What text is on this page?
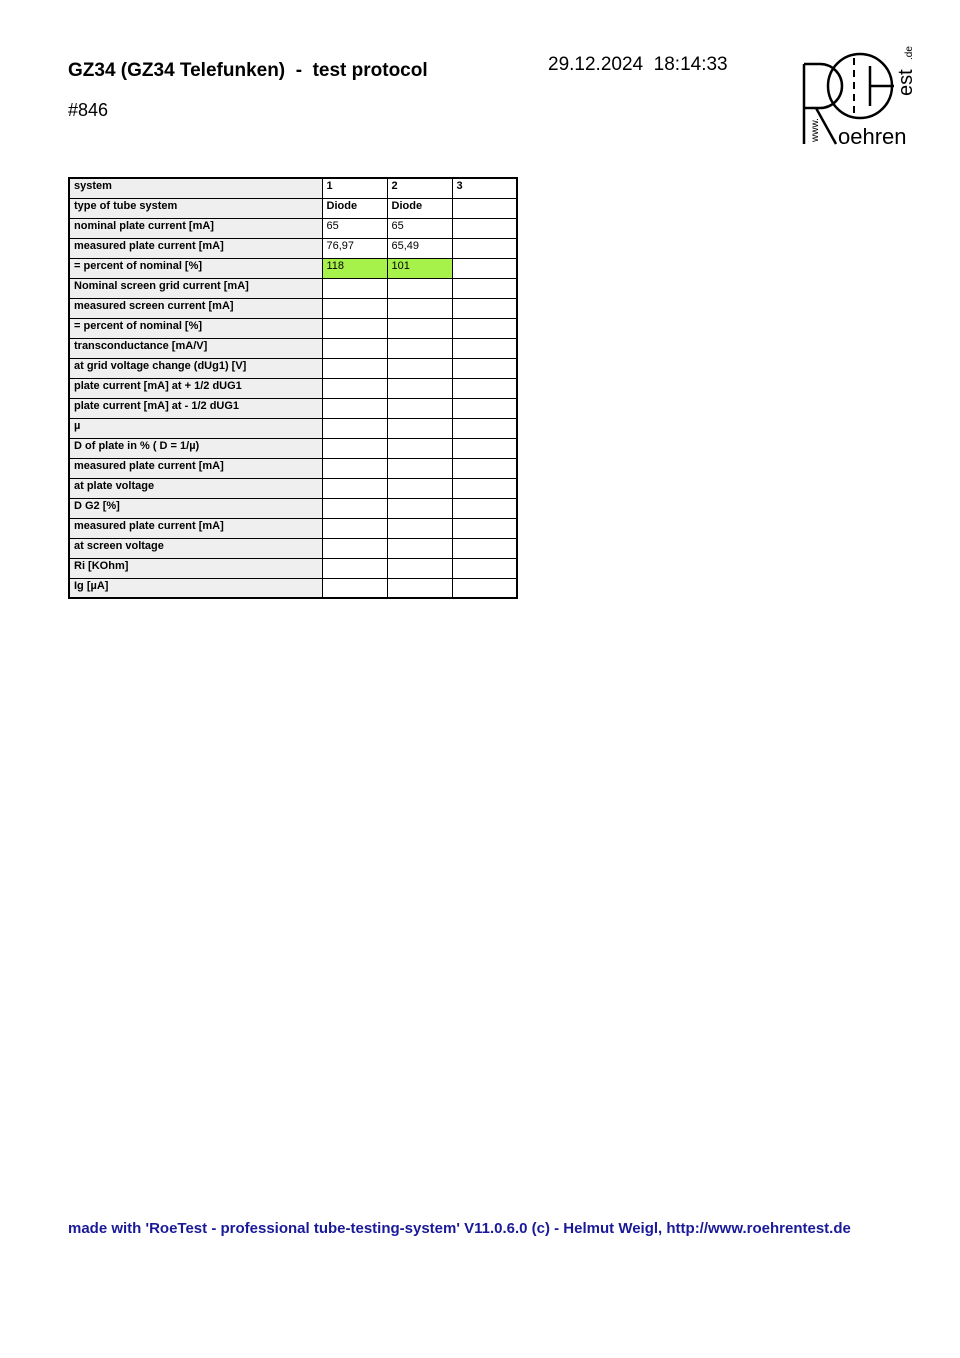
GZ34 (GZ34 Telefunken)  -  test protocol
#846
29.12.2024  18:14:33
www. oehren
est
.de
system	1	2	3
type of tube system	Diode	Diode	
nominal plate current [mA]	65	65	
measured plate current [mA]	76,97	65,49	
= percent of nominal [%]	118	101	
Nominal screen grid current [mA]			
measured screen current [mA]			
= percent of nominal [%]			
transconductance [mA/V]			
at grid voltage change (dUg1) [V]			
plate current [mA] at + 1/2 dUG1			
plate current [mA] at - 1/2 dUG1			
µ			
D of plate in % ( D = 1/µ)			
measured plate current [mA]			
at plate voltage			
D G2 [%]			
measured plate current [mA]			
at screen voltage			
Ri [KOhm]			
Ig [µA]			
made with 'RoeTest - professional tube-testing-system' V11.0.6.0 (c) - Helmut Weigl, http://www.roehrentest.de
